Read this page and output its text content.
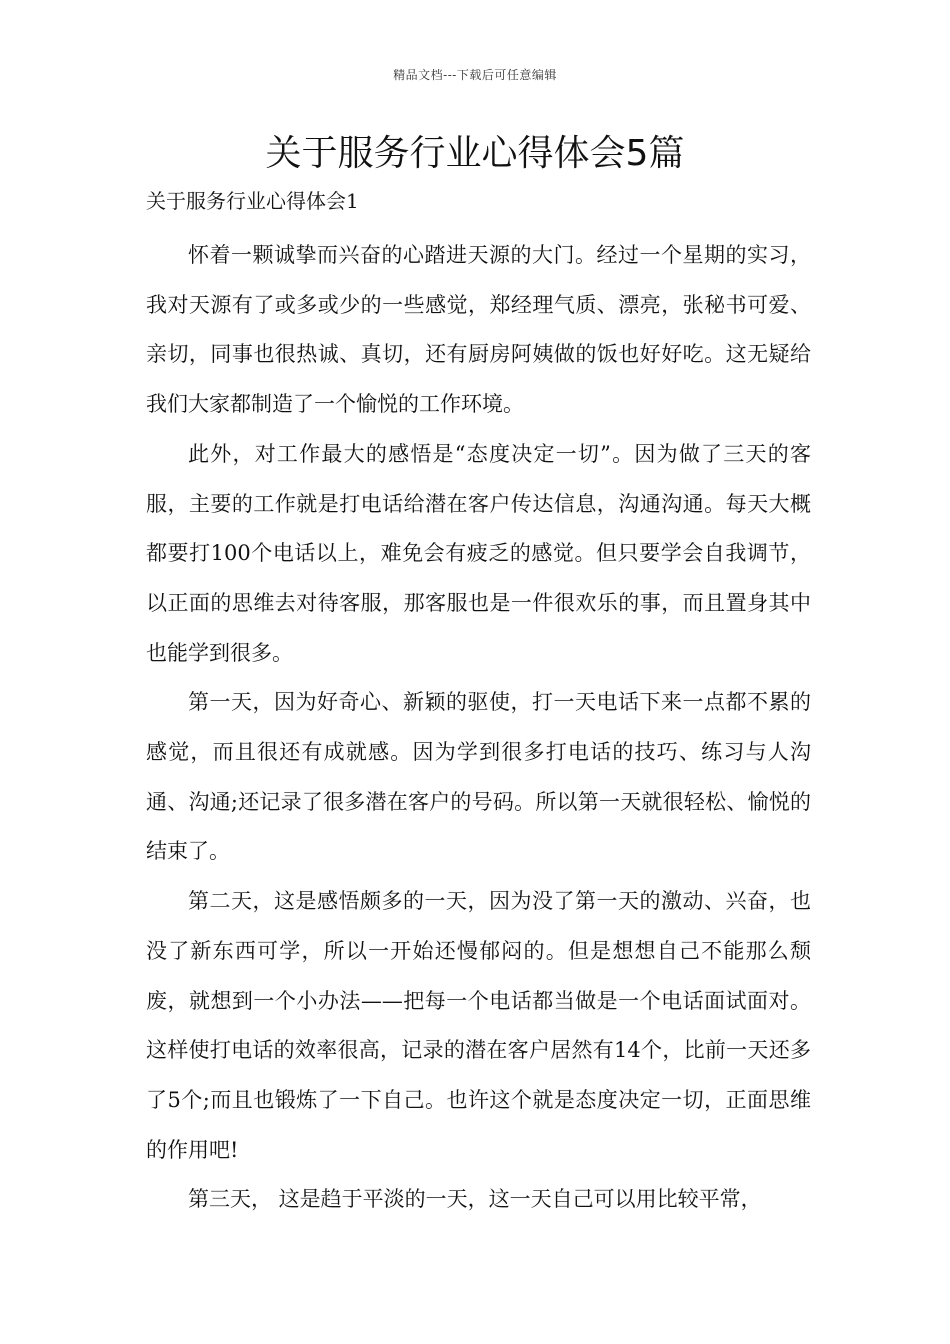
精品文档---下载后可任意编辑
关于服务行业心得体会5篇
关于服务行业心得体会1

怀着一颗诚挚而兴奋的心踏进天源的大门。经过一个星期的实习，我对天源有了或多或少的一些感觉，郑经理气质、漂亮，张秘书可爱、亲切，同事也很热诚、真切，还有厨房阿姨做的饭也好好吃。这无疑给我们大家都制造了一个愉悦的工作环境。

此外，对工作最大的感悟是“态度决定一切”。因为做了三天的客服，主要的工作就是打电话给潜在客户传达信息，沟通沟通。每天大概都要打100个电话以上，难免会有疲乏的感觉。但只要学会自我调节，以正面的思维去对待客服，那客服也是一件很欢乐的事，而且置身其中也能学到很多。

第一天，因为好奇心、新颖的驱使，打一天电话下来一点都不累的感觉，而且很还有成就感。因为学到很多打电话的技巧、练习与人沟通、沟通;还记录了很多潜在客户的号码。所以第一天就很轻松、愉悦的结束了。

第二天，这是感悟颇多的一天，因为没了第一天的激动、兴奋，也没了新东西可学，所以一开始还慢郁闷的。但是想想自己不能那么颓废，就想到一个小办法——把每一个电话都当做是一个电话面试面对。这样使打电话的效率很高，记录的潜在客户居然有14个，比前一天还多了5个;而且也锻炼了一下自己。也许这个就是态度决定一切，正面思维的作用吧!

第三天， 这是趋于平淡的一天，这一天自己可以用比较平常，
